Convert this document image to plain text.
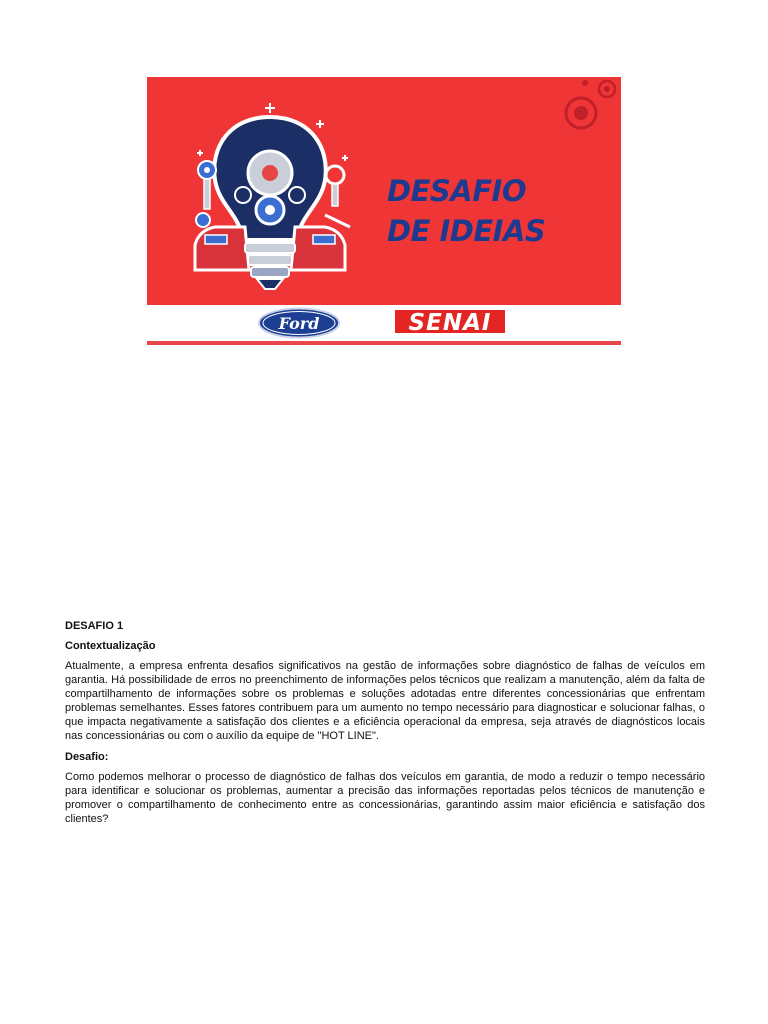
DESAFIO
DE IDEIAS
Ford	SENAI
DESAFIO 1
Contextualização

Atualmente, a empresa enfrenta desafios significativos na gestão de informações sobre diagnóstico de falhas de veículos em garantia. Há possibilidade de erros no preenchimento de informações pelos técnicos que realizam a manutenção, além da falta de compartilhamento de informações sobre os problemas e soluções adotadas entre diferentes concessionárias que enfrentam problemas semelhantes. Esses fatores contribuem para um aumento no tempo necessário para diagnosticar e solucionar falhas, o que impacta negativamente a satisfação dos clientes e a eficiência operacional da empresa, seja através de diagnósticos locais nas concessionárias ou com o auxílio da equipe de "HOT LINE".

Desafio:

Como podemos melhorar o processo de diagnóstico de falhas dos veículos em garantia, de modo a reduzir o tempo necessário para identificar e solucionar os problemas, aumentar a precisão das informações reportadas pelos técnicos de manutenção e promover o compartilhamento de conhecimento entre as concessionárias, garantindo assim maior eficiência e satisfação dos clientes?
